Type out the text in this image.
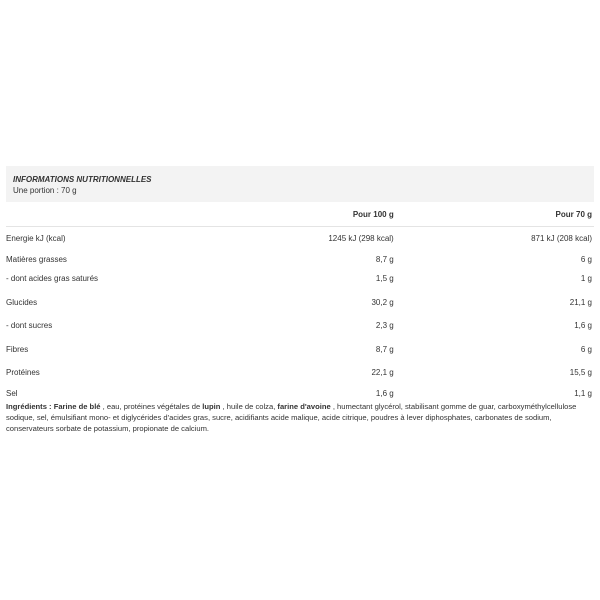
INFORMATIONS NUTRITIONNELLES
Une portion : 70 g
	Pour 100 g	Pour 70 g
Energie kJ (kcal)	1245 kJ (298 kcal)	871 kJ (208 kcal)
Matières grasses	8,7 g	6 g
- dont acides gras saturés	1,5 g	1 g
Glucides	30,2 g	21,1 g
- dont sucres	2,3 g	1,6 g
Fibres	8,7 g	6 g
Protéines	22,1 g	15,5 g
Sel	1,6 g	1,1 g
Ingrédients : Farine de blé , eau, protéines végétales de lupin , huile de colza, farine d'avoine , humectant glycérol, stabilisant gomme de guar, carboxyméthylcellulose sodique, sel, émulsifiant mono- et diglycérides d'acides gras, sucre, acidifiants acide malique, acide citrique, poudres à lever diphosphates, carbonates de sodium, conservateurs sorbate de potassium, propionate de calcium.
